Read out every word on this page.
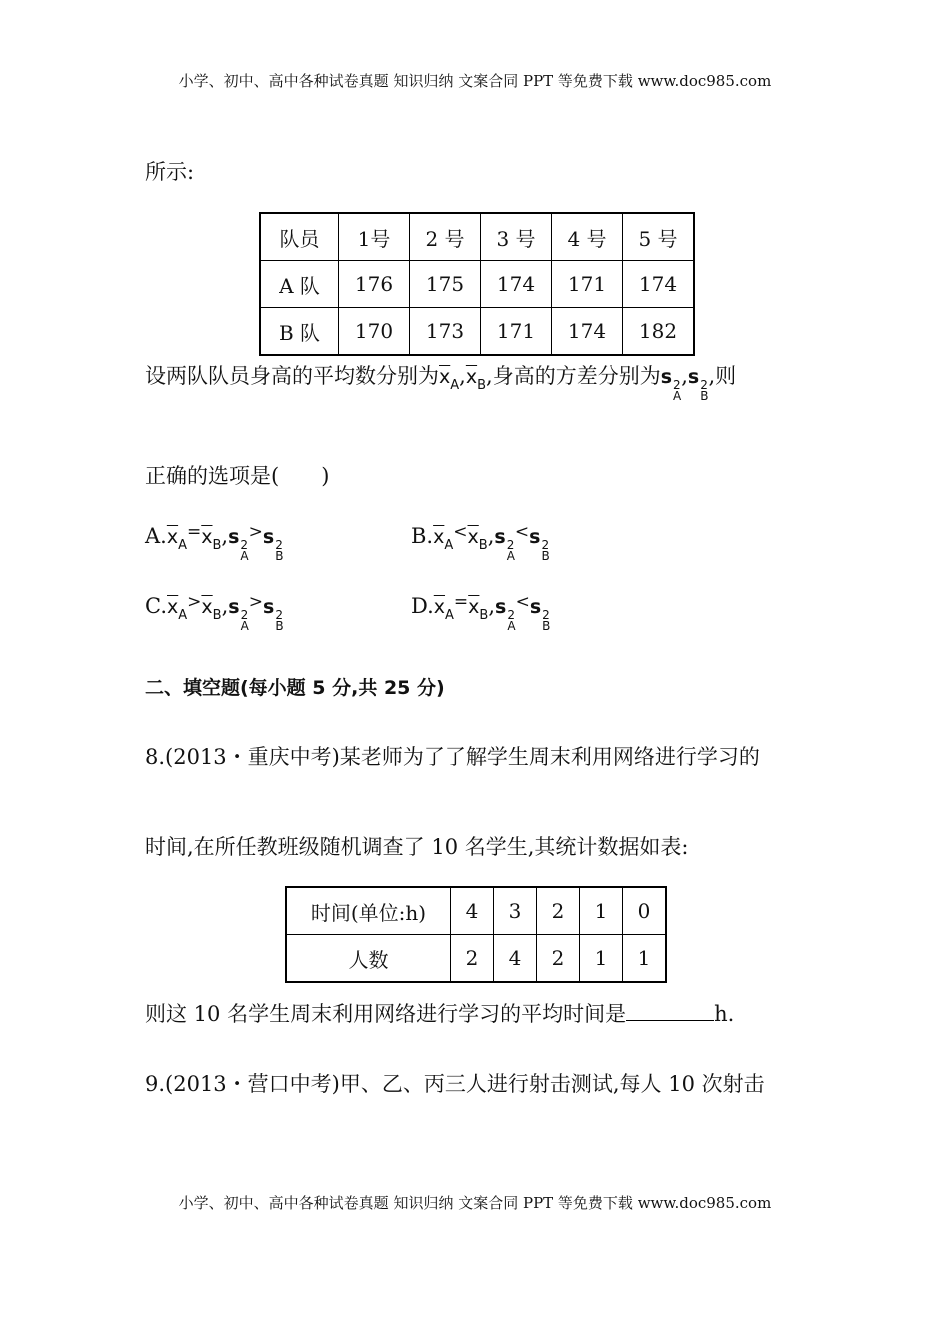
小学、初中、高中各种试卷真题 知识归纳 文案合同 PPT 等免费下载 www.doc985.com
所示:
队员	1号	2 号	3 号	4 号	5 号
A 队	176	175	174	171	174
B 队	170	173	171	174	182
设两队队员身高的平均数分别为$\overline{x}_A,\overline{x}_B$,身高的方差分别为s 2
A
,s 2
B
,则
正确的选项是(　　)
$A.\overline{x}_A^=\overline{x}_B,s$ 2
A
>s 2
B
$B.\overline{x}_A^<\overline{x}_B,s$ 2
A
<s 2
B
$C.\overline{x}_A^>\overline{x}_B,s$ 2
A
>s 2
B
$D.\overline{x}_A^=\overline{x}_B,s$ 2
A
<s 2
B
二、填空题(每小题 5 分,共 25 分)
8.(2013・重庆中考)某老师为了了解学生周末利用网络进行学习的
时间,在所任教班级随机调查了 10 名学生,其统计数据如表:
时间(单位:h)	4	3	2	1	0
人数	2	4	2	1	1
则这 10 名学生周末利用网络进行学习的平均时间是	h.
9.(2013・营口中考)甲、乙、丙三人进行射击测试,每人 10 次射击
小学、初中、高中各种试卷真题 知识归纳 文案合同 PPT 等免费下载 www.doc985.com
